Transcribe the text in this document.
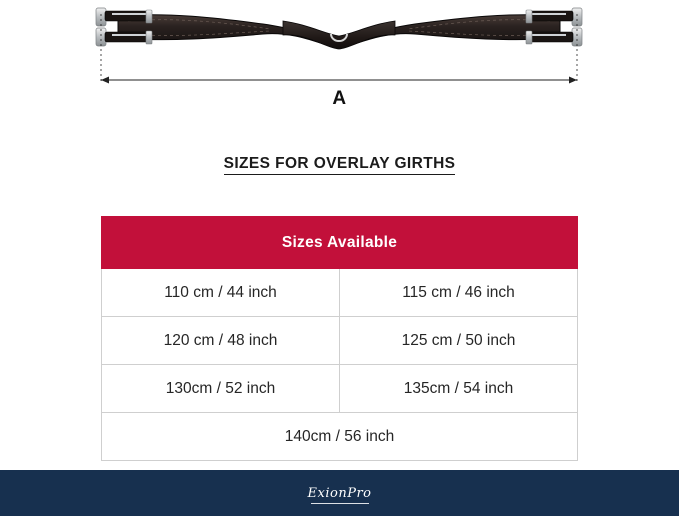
A
SIZES FOR OVERLAY GIRTHS
Sizes Available	
110 cm / 44 inch	115 cm / 46 inch
120 cm / 48 inch	125 cm / 50 inch
130cm / 52 inch	135cm / 54 inch
140cm / 56 inch	
ExionPro
